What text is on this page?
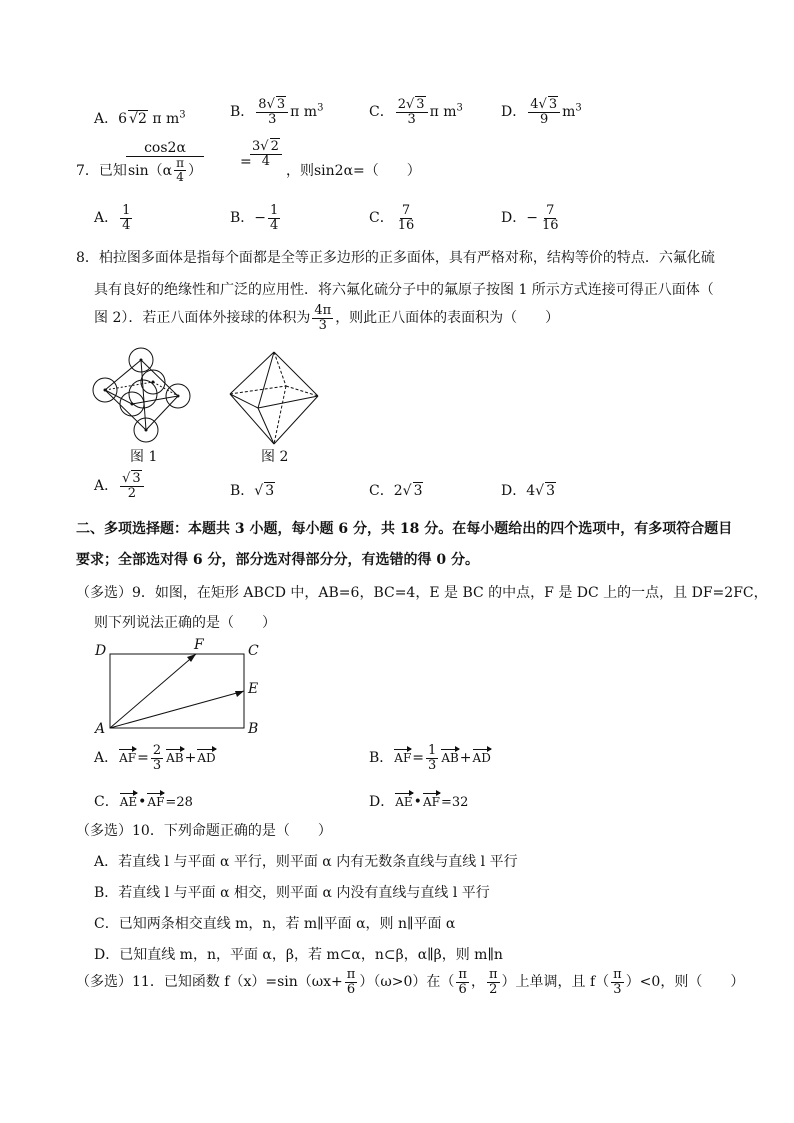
A．6 √2 π $m^3$	B． $\frac{8√ 3}{3}$ π $m^3$	C． $\frac{2√ 3}{3}$ π $m^3$	D． $\frac{4√ 3}{9} m^3$
7．已知
cos2α
$\sin(\alpha \frac{\pi}{4}$ ）
=
$\frac{3√ 2}{4}$
，则sin2α=（　　）
A． $\frac{1}{4}$	B．− $\frac{1}{4}$	C． $\frac{7}{16}$	D．− $\frac{7}{16}$
8．柏拉图多面体是指每个面都是全等正多边形的正多面体，具有严格对称，结构等价的特点．六氟化硫
具有良好的绝缘性和广泛的应用性．将六氟化硫分子中的氟原子按图 1 所示方式连接可得正八面体（
图 2）．若正八面体外接球的体积为 $\frac{4\pi}{3}$ ，则此正八面体的表面积为（　　）
图 1	图 2
A． $\frac{√ 3}{2}$	B．√ 3	C．2√ 3	D．4√ 3
二、多项选择题：本题共 3 小题，每小题 6 分，共 18 分。在每小题给出的四个选项中，有多项符合题目
要求；全部选对得 6 分，部分选对得部分分，有选错的得 0 分。
（多选）9．如图，在矩形 ABCD 中，AB=6，BC=4，E 是 BC 的中点，F 是 DC 上的一点，且 DF=2FC，
则下列说法正确的是（　　）
D	F	C
E
A	B
A．$AF= \frac{2}{3} AB+AD$	B．$AF= \frac{1}{3} AB+AD$
C．AE•AF=28	D．AE•AF=32
（多选）10．下列命题正确的是（　　）
A．若直线 l 与平面 α 平行，则平面 α 内有无数条直线与直线 l 平行
B．若直线 l 与平面 α 相交，则平面 α 内没有直线与直线 l 平行
C．已知两条相交直线 m，n，若 m∥平面 α，则 n∥平面 α
D．已知直线 m，n，平面 α，β，若 m⊂α，n⊂β，α∥β，则 m∥n
（多选）11．已知函数 $f(x)=\sin(\omega x+ \frac{\pi}{6} )(\omega>0)$在（ $\frac{\pi}{6}$ ， $\frac{\pi}{2}$ ）上单调，且 $f( \frac{\pi}{3} )<0$，则（　　）
